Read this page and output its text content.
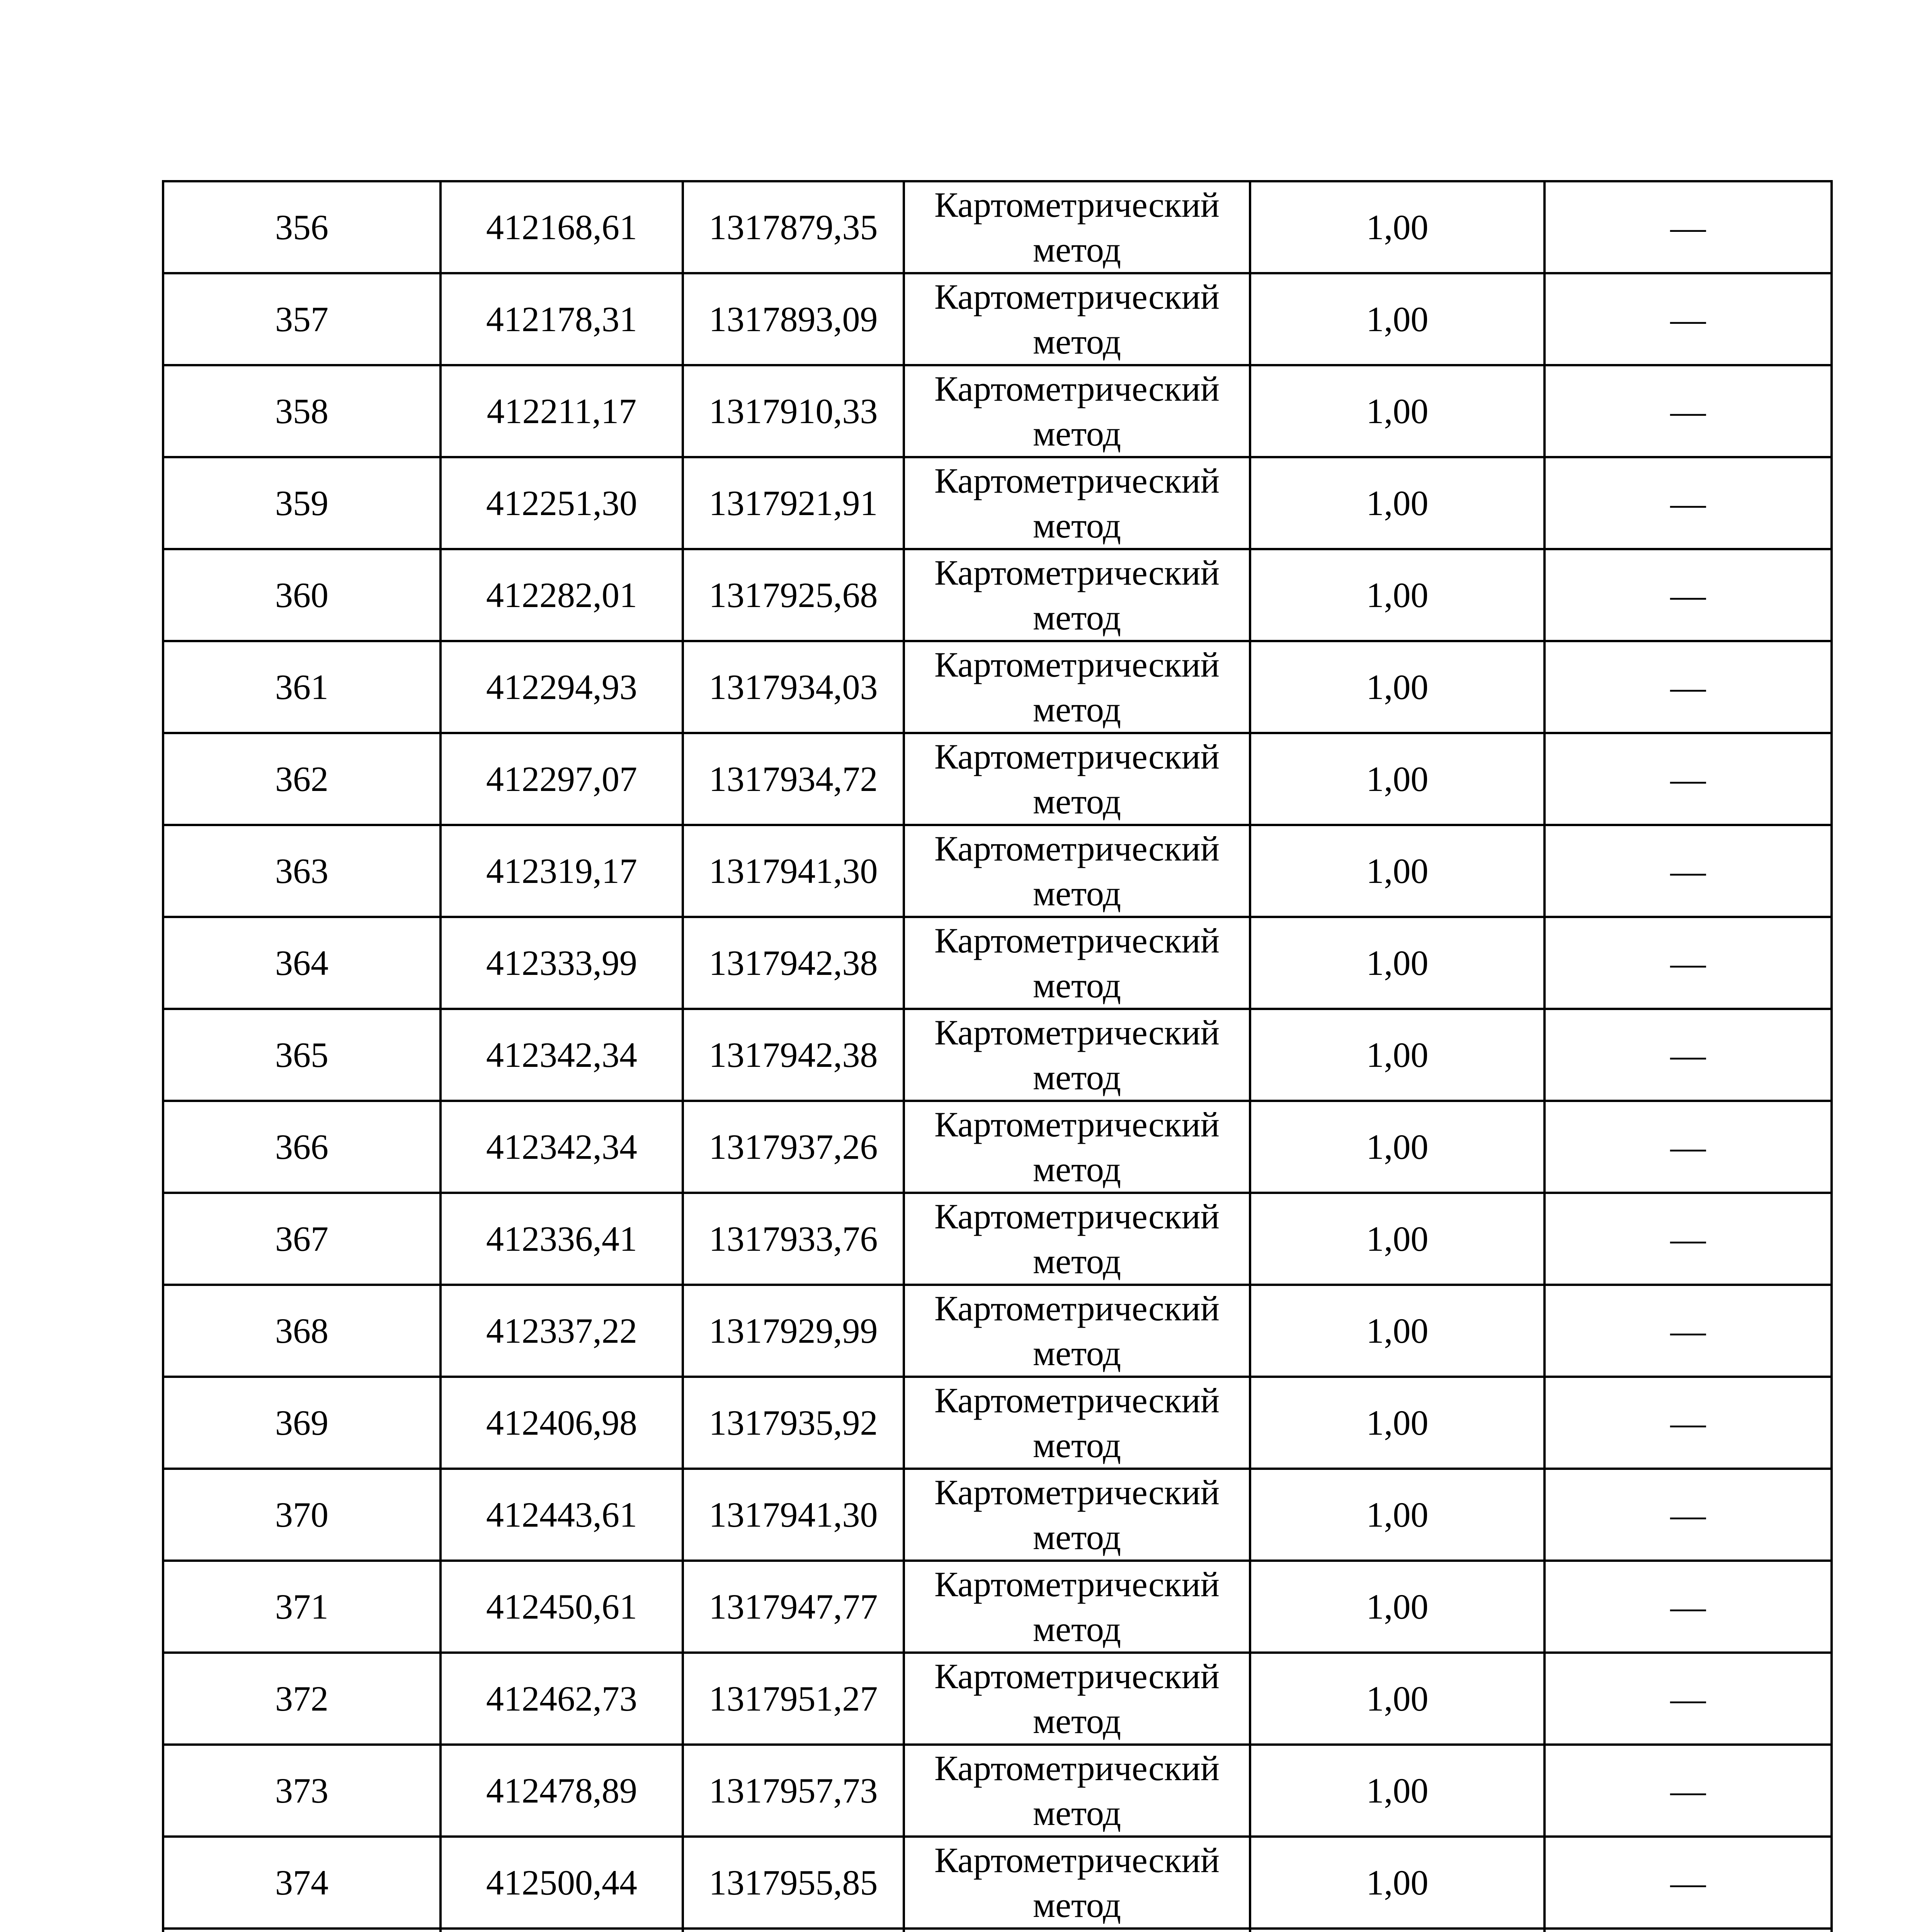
356	412168,61	1317879,35	Картометрический метод	1,00	—
357	412178,31	1317893,09	Картометрический метод	1,00	—
358	412211,17	1317910,33	Картометрический метод	1,00	—
359	412251,30	1317921,91	Картометрический метод	1,00	—
360	412282,01	1317925,68	Картометрический метод	1,00	—
361	412294,93	1317934,03	Картометрический метод	1,00	—
362	412297,07	1317934,72	Картометрический метод	1,00	—
363	412319,17	1317941,30	Картометрический метод	1,00	—
364	412333,99	1317942,38	Картометрический метод	1,00	—
365	412342,34	1317942,38	Картометрический метод	1,00	—
366	412342,34	1317937,26	Картометрический метод	1,00	—
367	412336,41	1317933,76	Картометрический метод	1,00	—
368	412337,22	1317929,99	Картометрический метод	1,00	—
369	412406,98	1317935,92	Картометрический метод	1,00	—
370	412443,61	1317941,30	Картометрический метод	1,00	—
371	412450,61	1317947,77	Картометрический метод	1,00	—
372	412462,73	1317951,27	Картометрический метод	1,00	—
373	412478,89	1317957,73	Картометрический метод	1,00	—
374	412500,44	1317955,85	Картометрический метод	1,00	—
